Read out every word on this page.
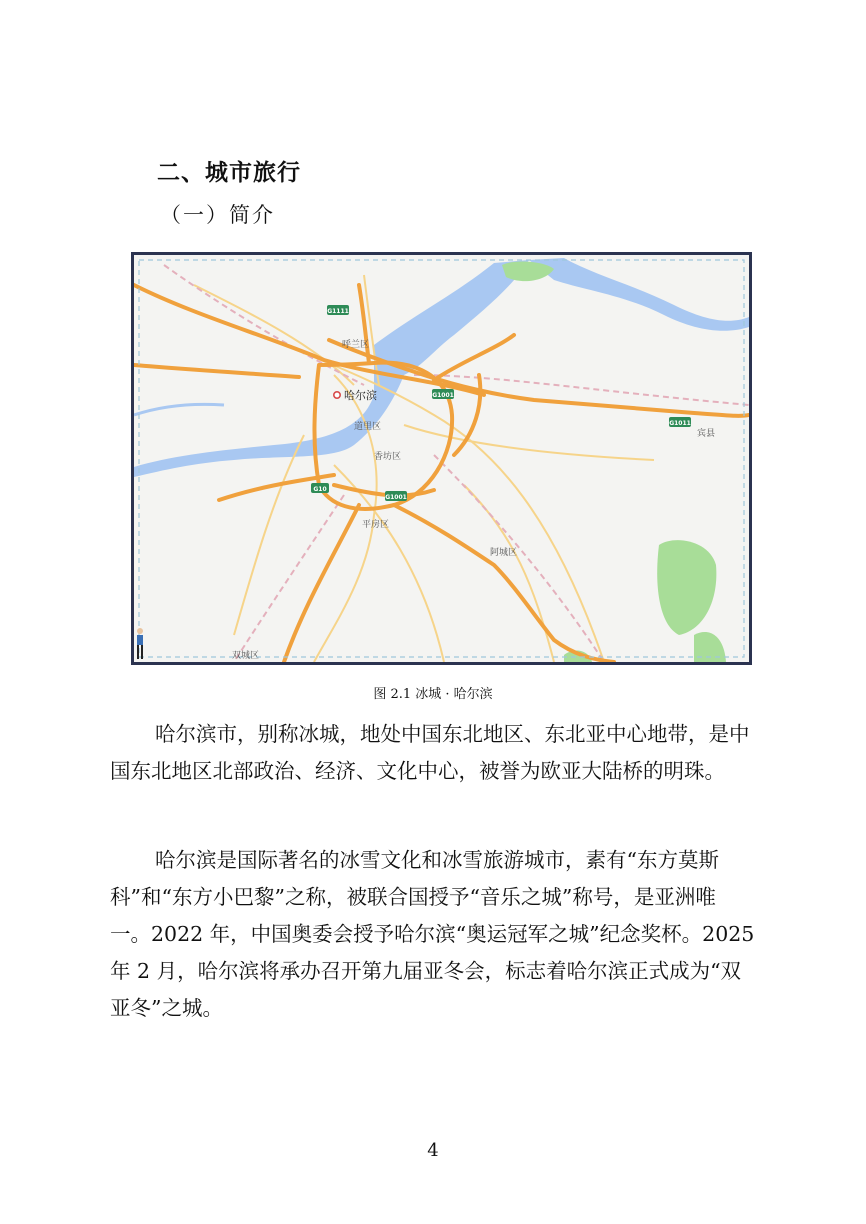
二、城市旅行
（一）简介
G1111
G1001
G1011
G10
G1001
哈尔滨
呼兰区
道里区
香坊区
平房区
阿城区
双城区
宾县
图 2.1 冰城 · 哈尔滨

哈尔滨市，别称冰城，地处中国东北地区、东北亚中心地带，是中国东北地区北部政治、经济、文化中心，被誉为欧亚大陆桥的明珠。

哈尔滨是国际著名的冰雪文化和冰雪旅游城市，素有“东方莫斯科”和“东方小巴黎”之称，被联合国授予“音乐之城”称号，是亚洲唯一。2022 年，中国奥委会授予哈尔滨“奥运冠军之城”纪念奖杯。2025 年 2 月，哈尔滨将承办召开第九届亚冬会，标志着哈尔滨正式成为“双亚冬”之城。

4
